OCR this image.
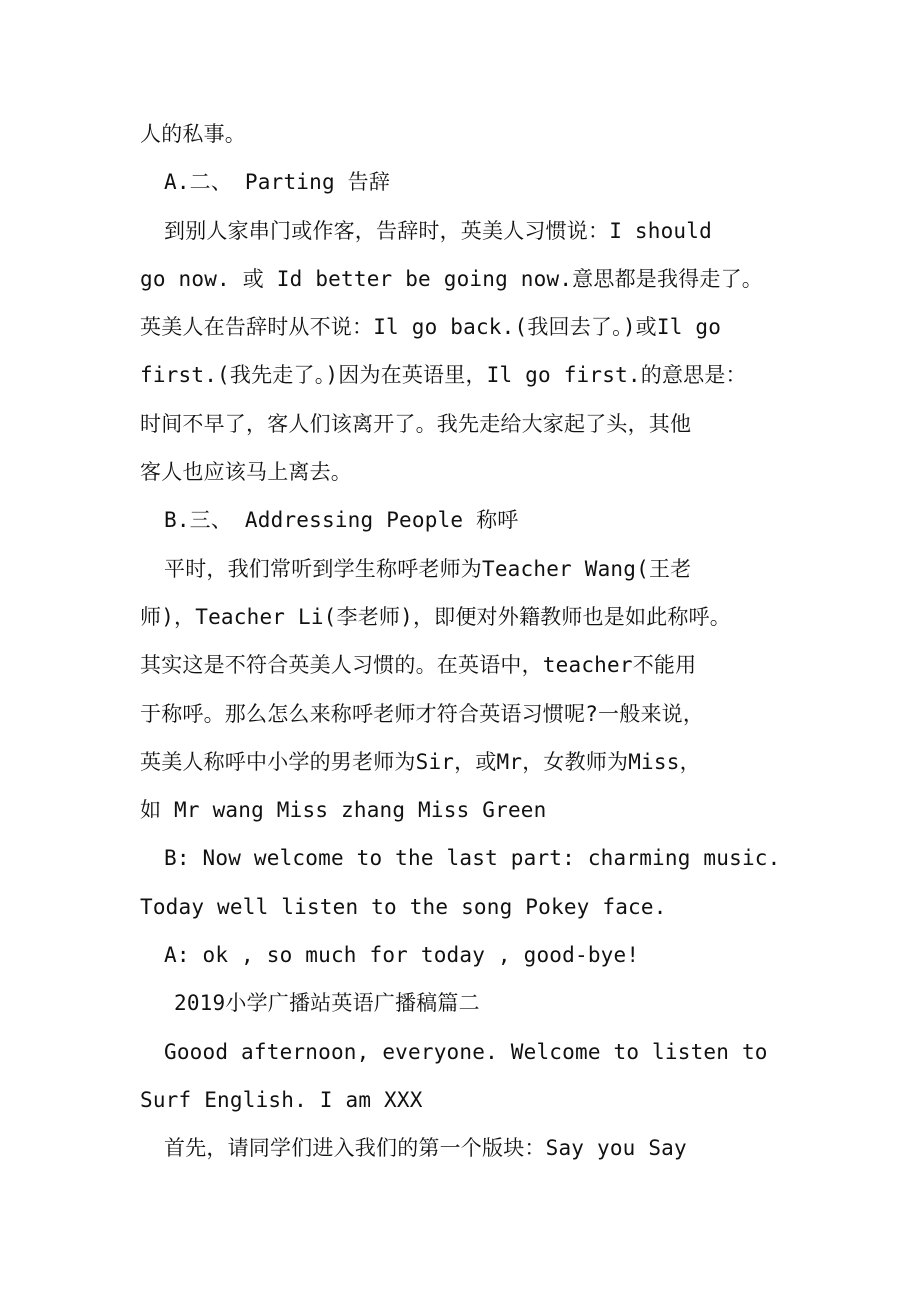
人的私事。
A.二、 Parting 告辞
到别人家串门或作客，告辞时，英美人习惯说：I should
go now. 或 Id better be going now.意思都是我得走了。
英美人在告辞时从不说：Il go back.(我回去了。)或Il go
first.(我先走了。)因为在英语里，Il go first.的意思是：
时间不早了，客人们该离开了。我先走给大家起了头，其他
客人也应该马上离去。
B.三、 Addressing People 称呼
平时，我们常听到学生称呼老师为Teacher Wang(王老
师)，Teacher Li(李老师)，即便对外籍教师也是如此称呼。
其实这是不符合英美人习惯的。在英语中，teacher不能用
于称呼。那么怎么来称呼老师才符合英语习惯呢?一般来说，
英美人称呼中小学的男老师为Sir，或Mr，女教师为Miss，
如 Mr wang Miss zhang Miss Green
B: Now welcome to the last part: charming music.
Today well listen to the song Pokey face.
A: ok , so much for today , good-bye!
2019小学广播站英语广播稿篇二
Goood afternoon, everyone. Welcome to listen to
Surf English. I am XXX
首先，请同学们进入我们的第一个版块：Say you Say
